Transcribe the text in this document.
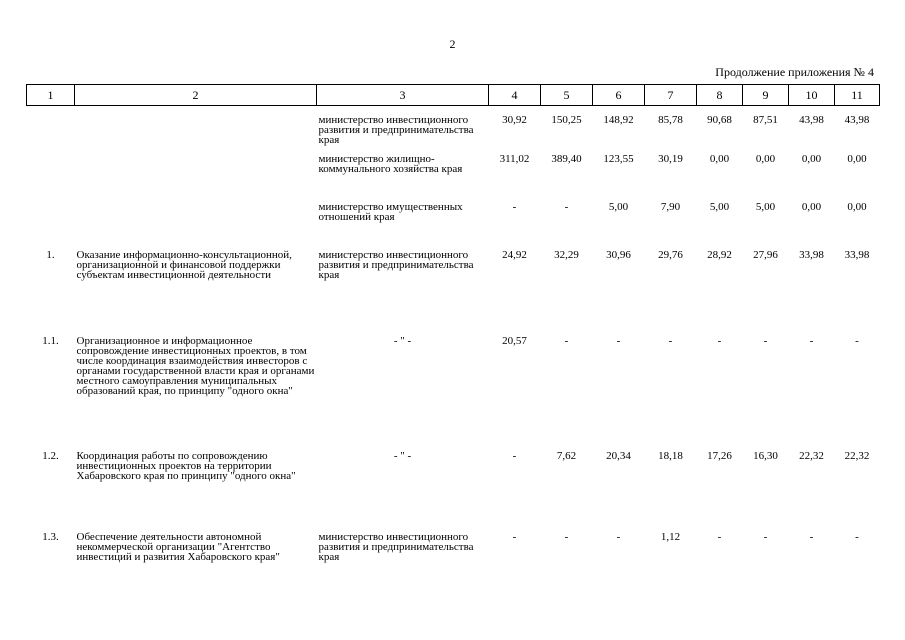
2
Продолжение приложения № 4
1	2	3	4	5	6	7	8	9	10	11
		министерство инвестиционного развития и предпринимательства края	30,92	150,25	148,92	85,78	90,68	87,51	43,98	43,98
		министерство жилищно-коммунального хозяйства края	311,02	389,40	123,55	30,19	0,00	0,00	0,00	0,00
		министерство имущественных отношений края	-	-	5,00	7,90	5,00	5,00	0,00	0,00
1.	Оказание информационно-консультационной, организационной и финансовой поддержки субъектам инвестиционной деятельности	министерство инвестиционного развития и предпринимательства края	24,92	32,29	30,96	29,76	28,92	27,96	33,98	33,98
1.1.	Организационное и информационное сопровождение инвестиционных проектов, в том числе координация взаимодействия инвесторов с органами государственной власти края и органами местного самоуправления муниципальных образований края, по принципу "одного окна"	- " -	20,57	-	-	-	-	-	-	-
1.2.	Координация работы по сопровождению инвестиционных проектов на территории Хабаровского края по принципу "одного окна"	- " -	-	7,62	20,34	18,18	17,26	16,30	22,32	22,32
1.3.	Обеспечение деятельности автономной некоммерческой организации "Агентство инвестиций и развития Хабаровского края"	министерство инвестиционного развития и предпринимательства края	-	-	-	1,12	-	-	-	-
